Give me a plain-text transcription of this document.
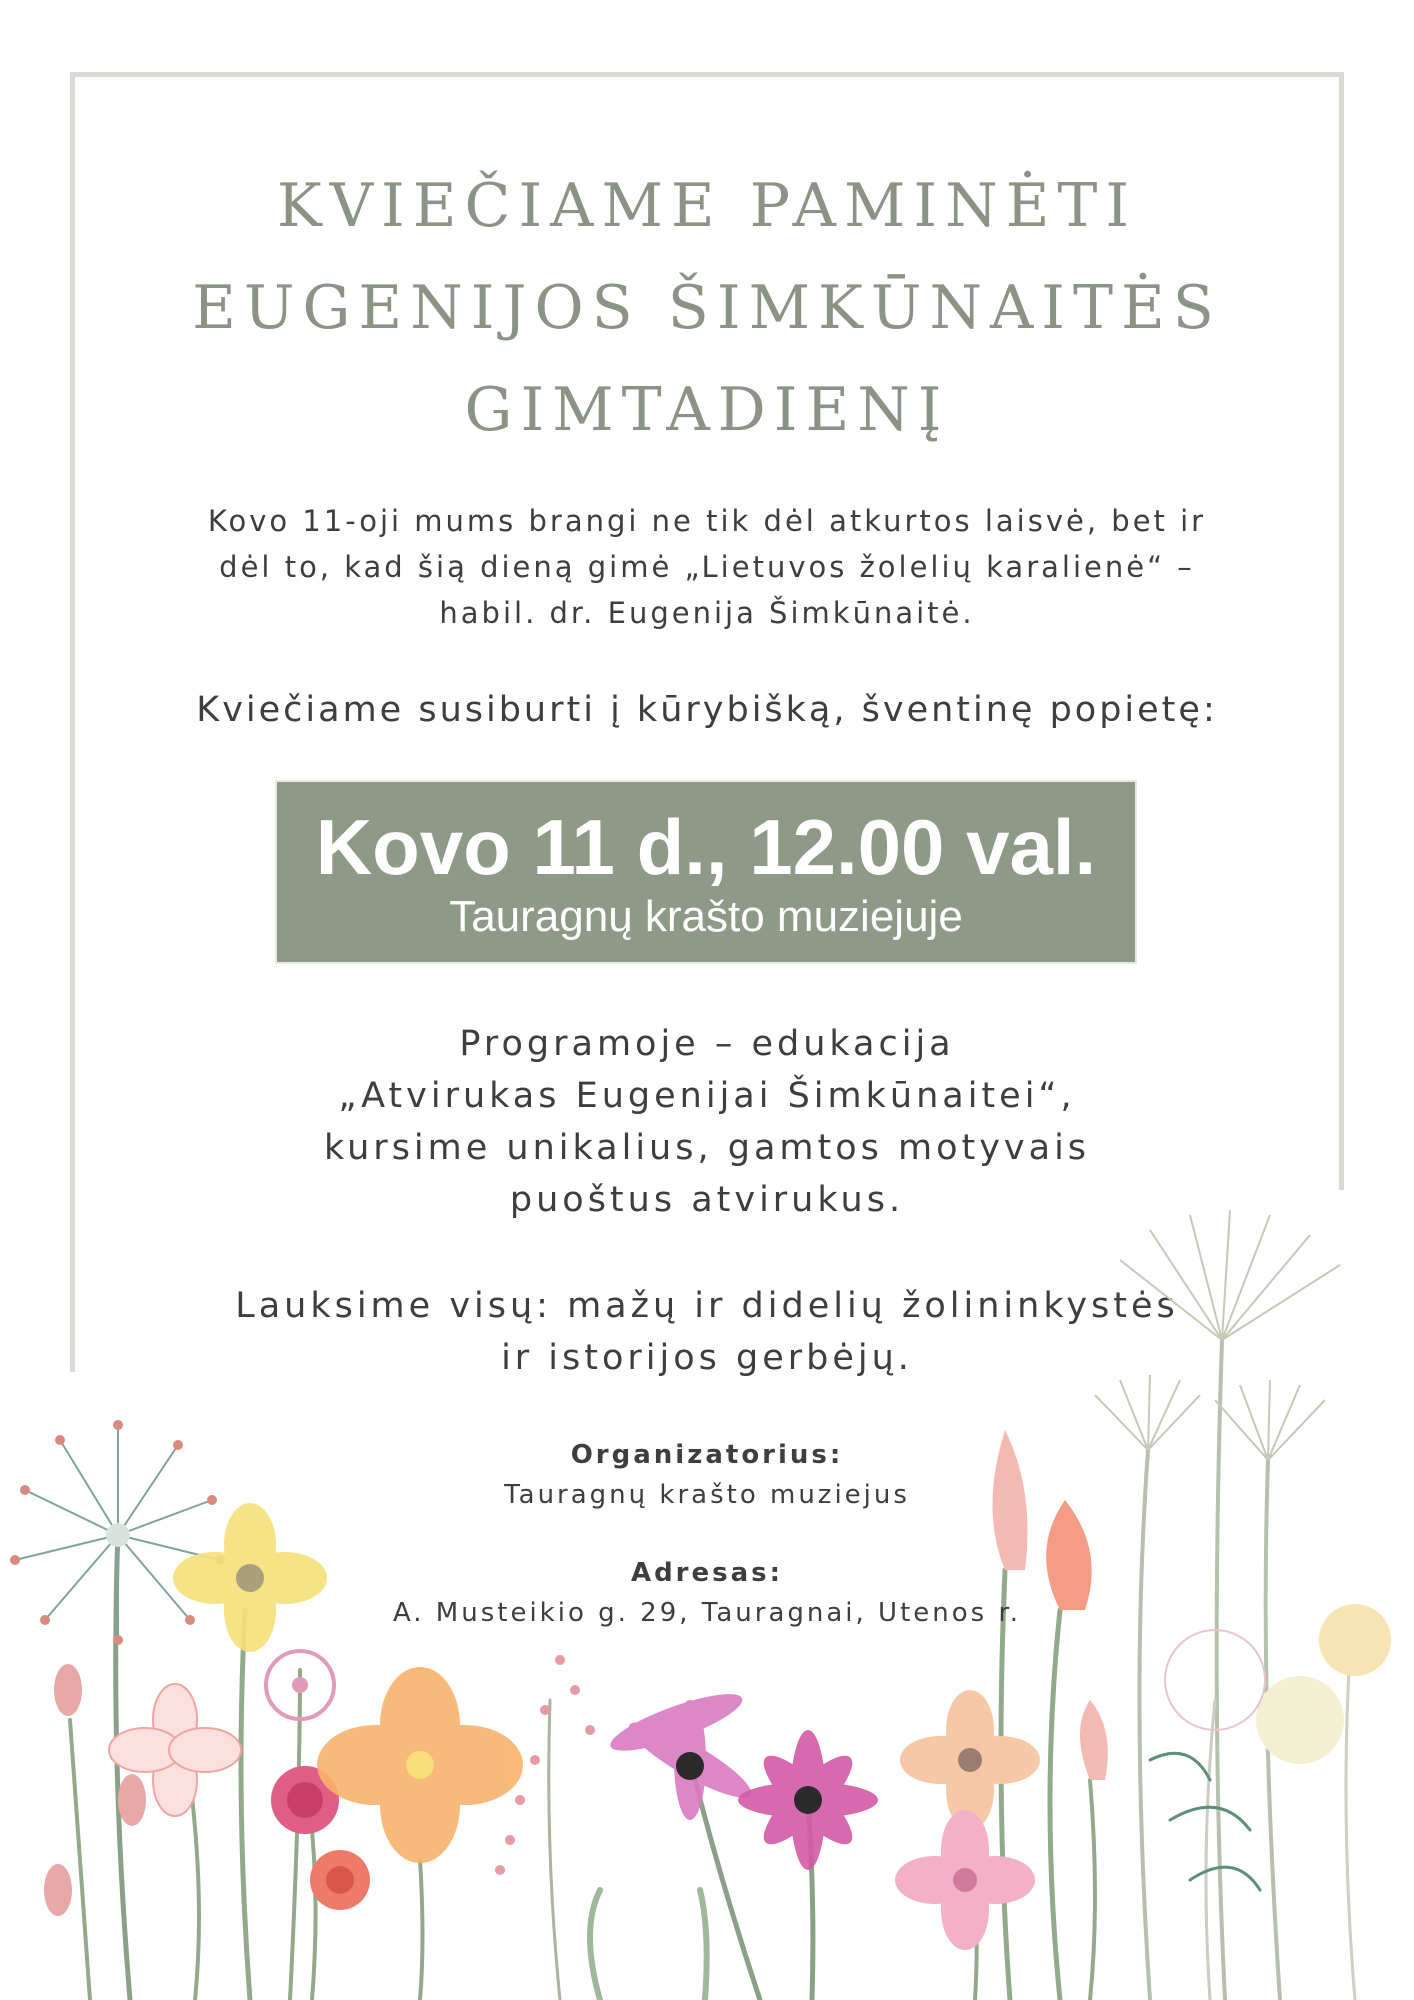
KVIEČIAME PAMINĖTI
EUGENIJOS ŠIMKŪNAITĖS
GIMTADIENĮ
Kovo 11-oji mums brangi ne tik dėl atkurtos laisvė, bet ir
dėl to, kad šią dieną gimė „Lietuvos žolelių karalienė“ –
habil. dr. Eugenija Šimkūnaitė.
Kviečiame susiburti į kūrybišką, šventinę popietę:
Kovo 11 d., 12.00 val.
Tauragnų krašto muziejuje
Programoje – edukacija
„Atvirukas Eugenijai Šimkūnaitei“,
kursime unikalius, gamtos motyvais
puoštus atvirukus.
Lauksime visų: mažų ir didelių žolininkystės
ir istorijos gerbėjų.
Organizatorius:
Tauragnų krašto muziejus
Adresas:
A. Musteikio g. 29, Tauragnai, Utenos r.
